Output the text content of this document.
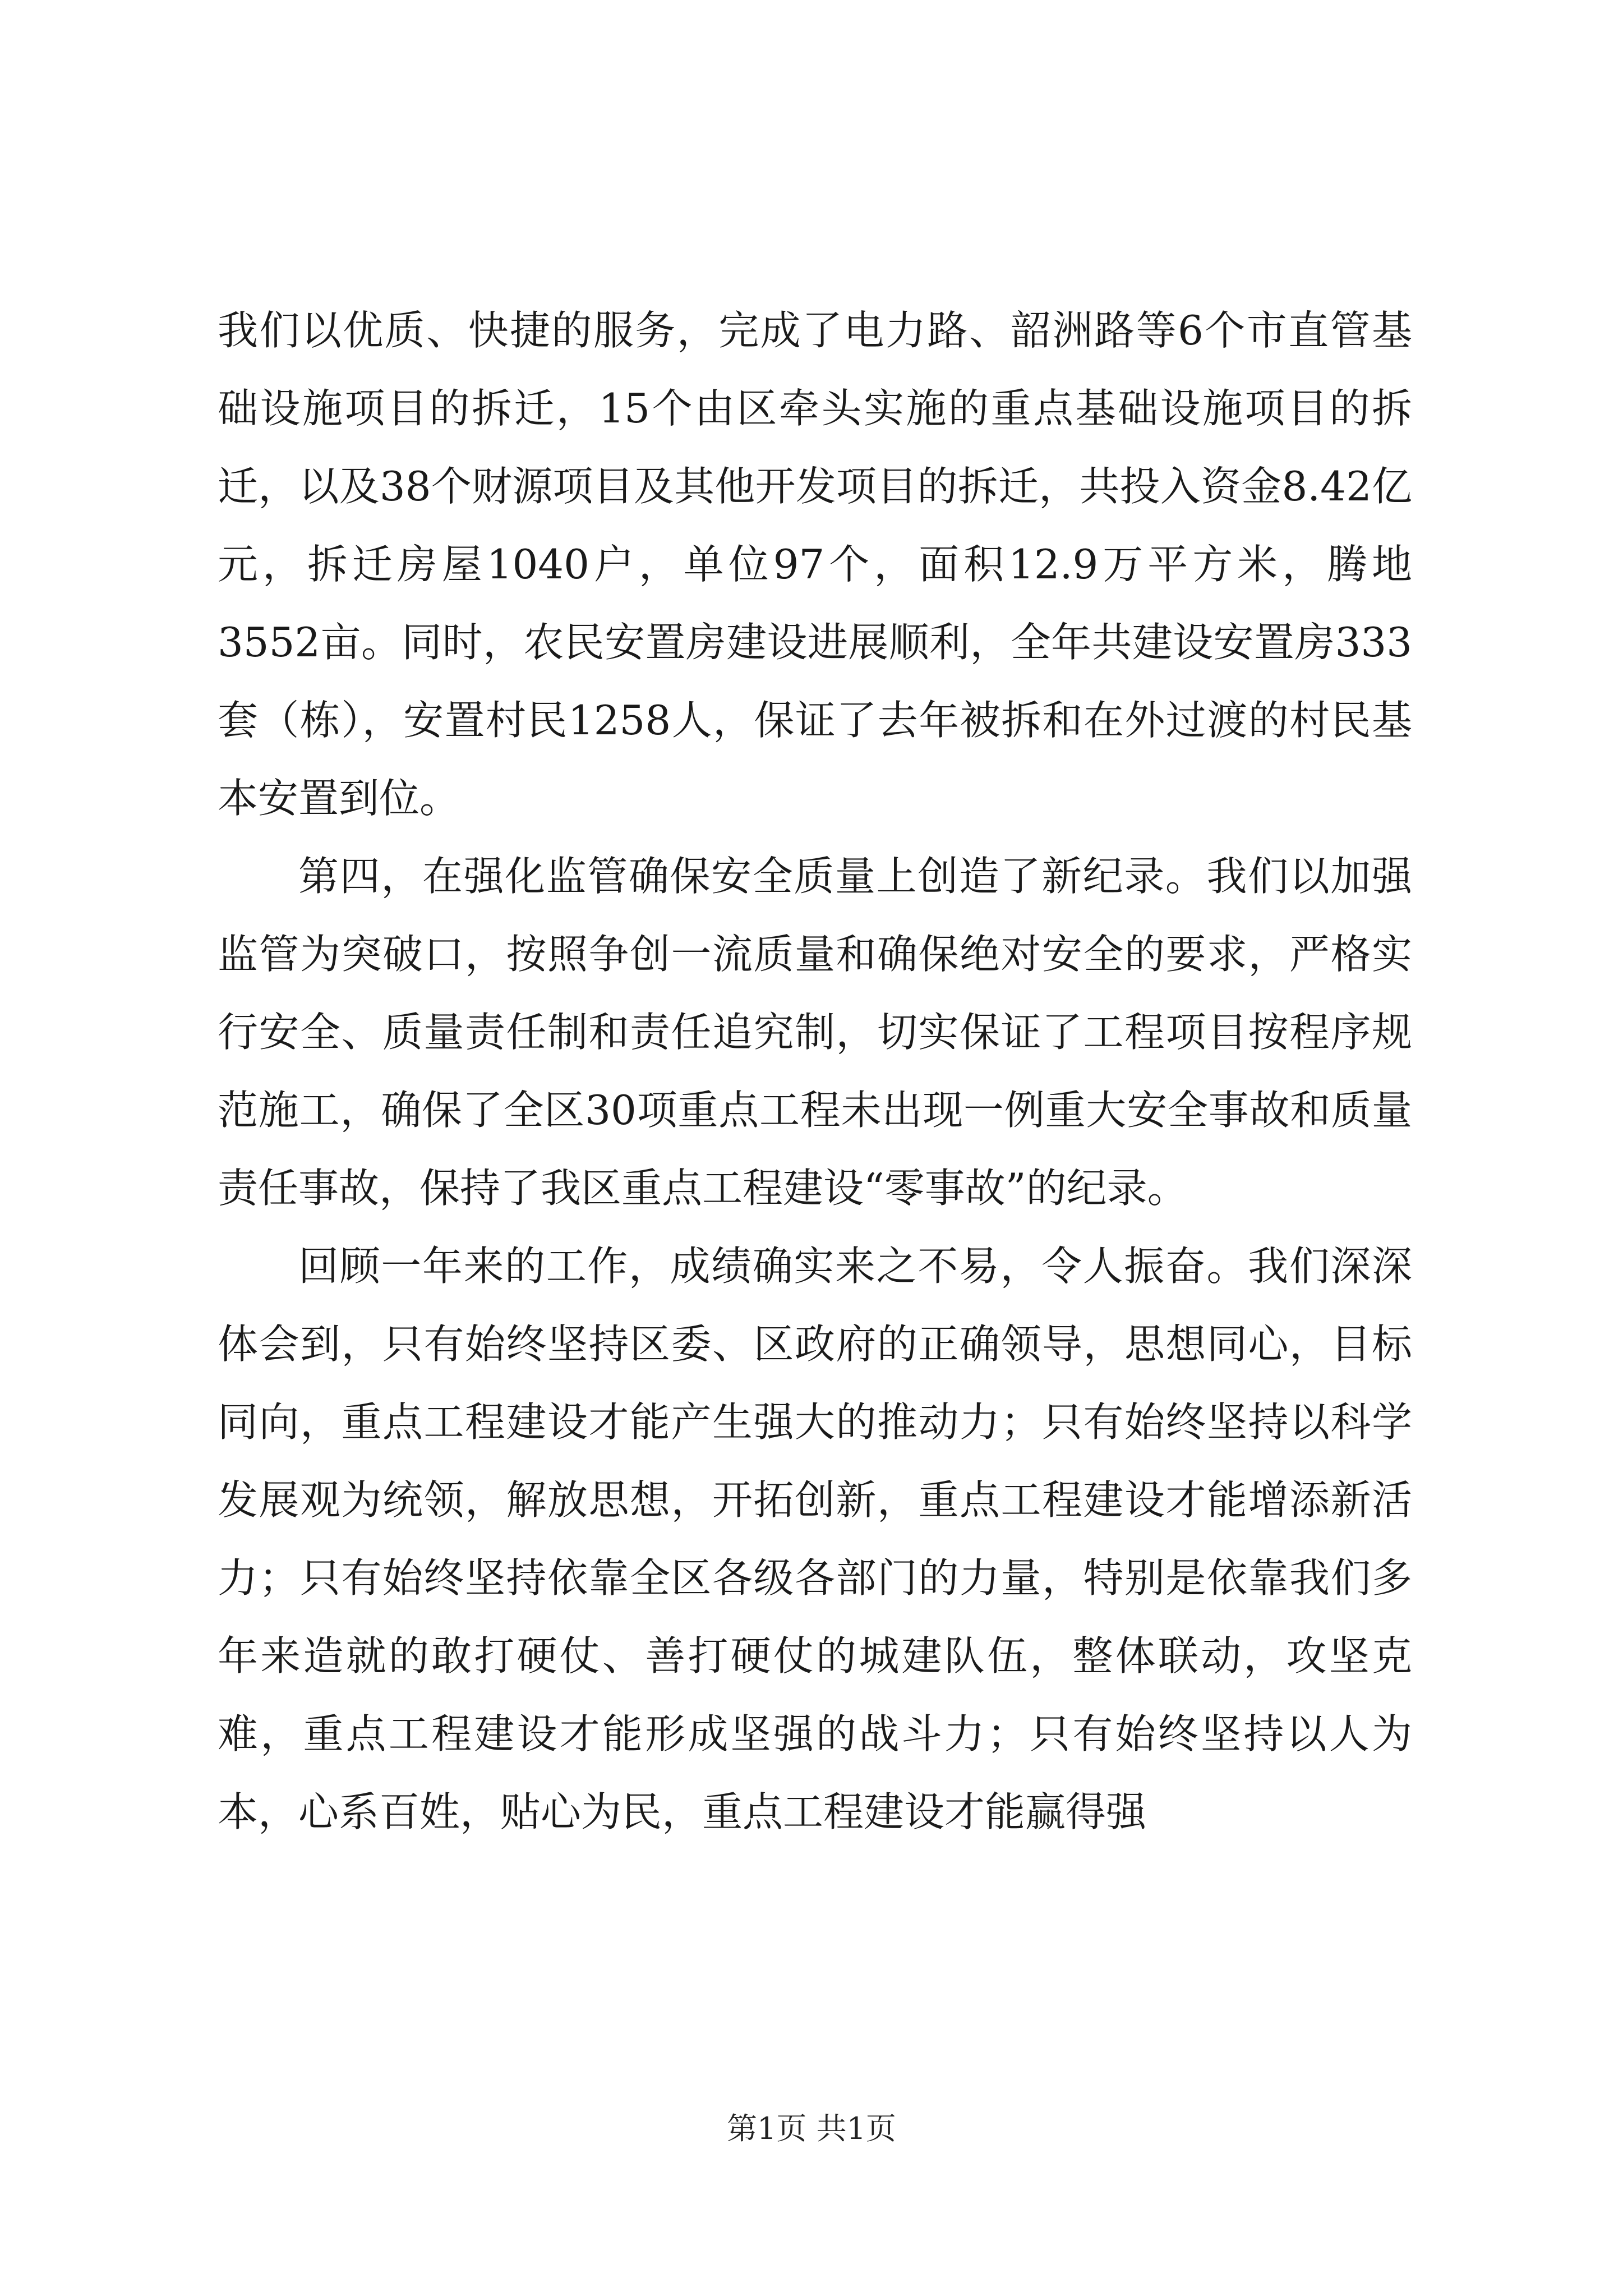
我们以优质、快捷的服务，完成了电力路、韶洲路等6个市直管基础设施项目的拆迁，15个由区牵头实施的重点基础设施项目的拆迁，以及38个财源项目及其他开发项目的拆迁，共投入资金8.42亿元，拆迁房屋1040户，单位97个，面积12.9万平方米，腾地3552亩。同时，农民安置房建设进展顺利，全年共建设安置房333套（栋），安置村民1258人，保证了去年被拆和在外过渡的村民基本安置到位。

第四，在强化监管确保安全质量上创造了新纪录。我们以加强监管为突破口，按照争创一流质量和确保绝对安全的要求，严格实行安全、质量责任制和责任追究制，切实保证了工程项目按程序规范施工，确保了全区30项重点工程未出现一例重大安全事故和质量责任事故，保持了我区重点工程建设“零事故”的纪录。

回顾一年来的工作，成绩确实来之不易，令人振奋。我们深深体会到，只有始终坚持区委、区政府的正确领导，思想同心，目标同向，重点工程建设才能产生强大的推动力；只有始终坚持以科学发展观为统领，解放思想，开拓创新，重点工程建设才能增添新活力；只有始终坚持依靠全区各级各部门的力量，特别是依靠我们多年来造就的敢打硬仗、善打硬仗的城建队伍，整体联动，攻坚克难，重点工程建设才能形成坚强的战斗力；只有始终坚持以人为本，心系百姓，贴心为民，重点工程建设才能赢得强

第1页 共1页
